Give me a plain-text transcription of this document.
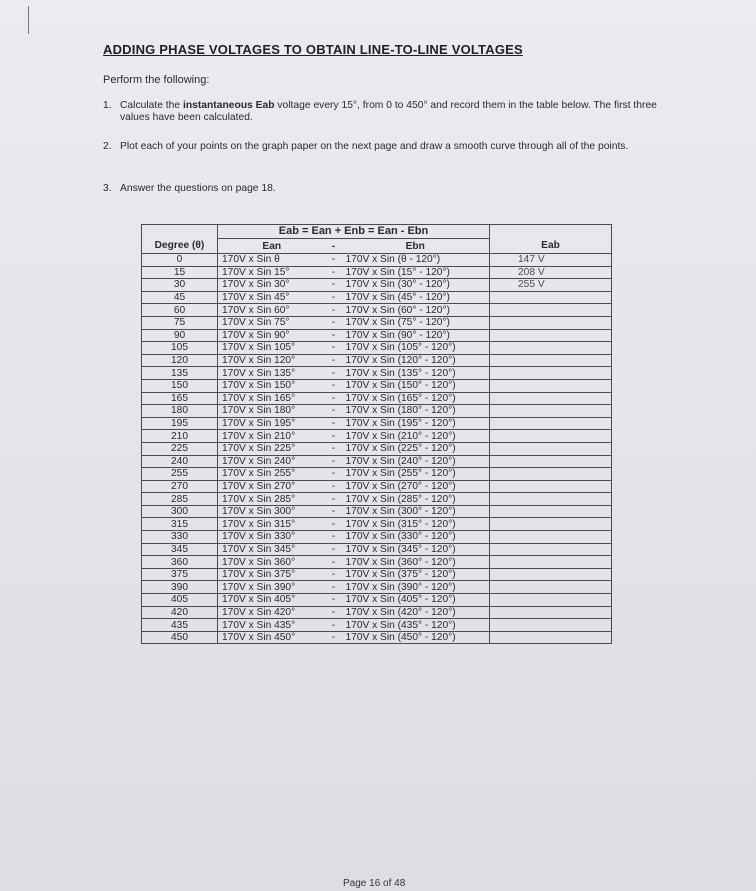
ADDING PHASE VOLTAGES TO OBTAIN LINE-TO-LINE VOLTAGES
Perform the following:
1. Calculate the instantaneous Eab voltage every 15°, from 0 to 450° and record them in the table below. The first three values have been calculated.
2. Plot each of your points on the graph paper on the next page and draw a smooth curve through all of the points.
3. Answer the questions on page 18.
	Eab = Ean + Enb = Ean - Ebn			
Degree (θ)	Ean	-	Ebn	Eab
0	170V x Sin θ	-	170V x Sin (θ - 120°)	147 V
15	170V x Sin 15°	-	170V x Sin (15° - 120°)	208 V
30	170V x Sin 30°	-	170V x Sin (30° - 120°)	255 V
45	170V x Sin 45°	-	170V x Sin (45° - 120°)	
60	170V x Sin 60°	-	170V x Sin (60° - 120°)	
75	170V x Sin 75°	-	170V x Sin (75° - 120°)	
90	170V x Sin 90°	-	170V x Sin (90° - 120°)	
105	170V x Sin 105°	-	170V x Sin (105° - 120°)	
120	170V x Sin 120°	-	170V x Sin (120° - 120°)	
135	170V x Sin 135°	-	170V x Sin (135° - 120°)	
150	170V x Sin 150°	-	170V x Sin (150° - 120°)	
165	170V x Sin 165°	-	170V x Sin (165° - 120°)	
180	170V x Sin 180°	-	170V x Sin (180° - 120°)	
195	170V x Sin 195°	-	170V x Sin (195° - 120°)	
210	170V x Sin 210°	-	170V x Sin (210° - 120°)	
225	170V x Sin 225°	-	170V x Sin (225° - 120°)	
240	170V x Sin 240°	-	170V x Sin (240° - 120°)	
255	170V x Sin 255°	-	170V x Sin (255° - 120°)	
270	170V x Sin 270°	-	170V x Sin (270° - 120°)	
285	170V x Sin 285°	-	170V x Sin (285° - 120°)	
300	170V x Sin 300°	-	170V x Sin (300° - 120°)	
315	170V x Sin 315°	-	170V x Sin (315° - 120°)	
330	170V x Sin 330°	-	170V x Sin (330° - 120°)	
345	170V x Sin 345°	-	170V x Sin (345° - 120°)	
360	170V x Sin 360°	-	170V x Sin (360° - 120°)	
375	170V x Sin 375°	-	170V x Sin (375° - 120°)	
390	170V x Sin 390°	-	170V x Sin (390° - 120°)	
405	170V x Sin 405°	-	170V x Sin (405° - 120°)	
420	170V x Sin 420°	-	170V x Sin (420° - 120°)	
435	170V x Sin 435°	-	170V x Sin (435° - 120°)	
450	170V x Sin 450°	-	170V x Sin (450° - 120°)	
Page 16 of 48
